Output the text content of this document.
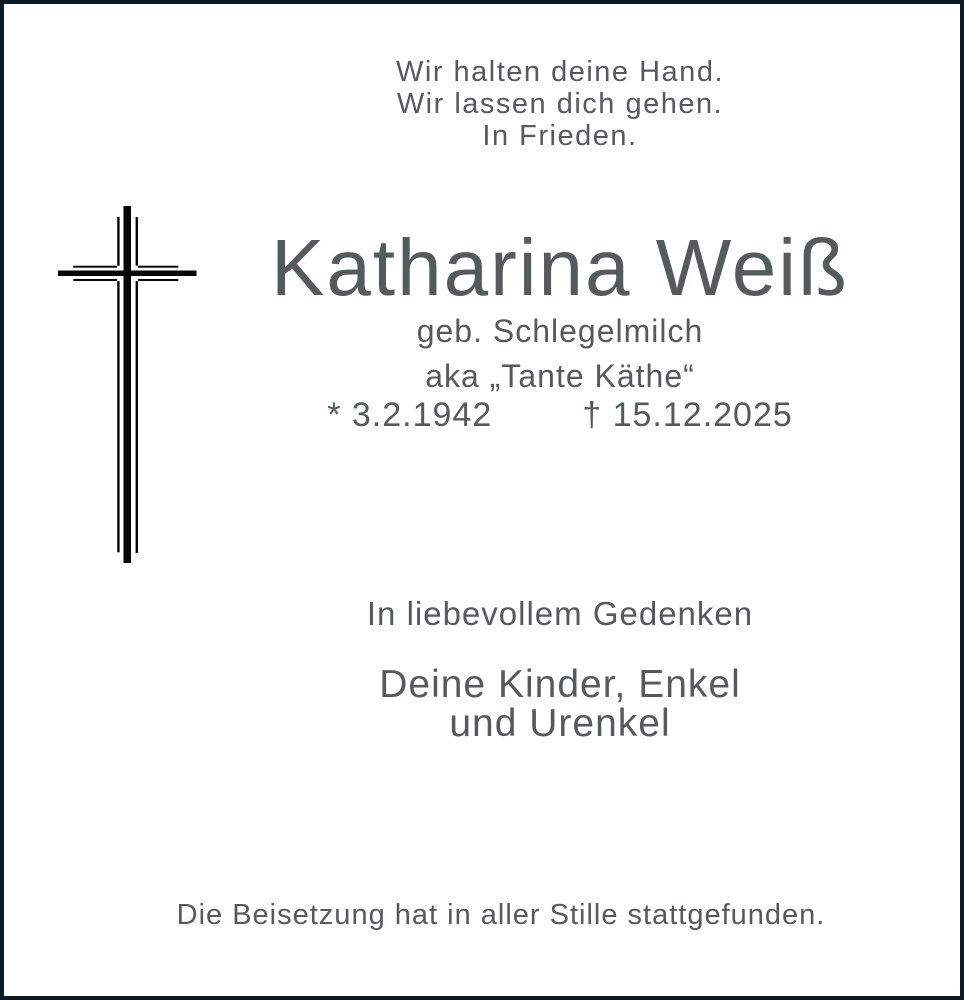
Wir halten deine Hand.
Wir lassen dich gehen.
In Frieden.
Katharina Weiß
geb. Schlegelmilch
aka „Tante Käthe“
* 3.2.1942	† 15.12.2025
In liebevollem Gedenken
Deine Kinder, Enkel
und Urenkel
Die Beisetzung hat in aller Stille stattgefunden.
